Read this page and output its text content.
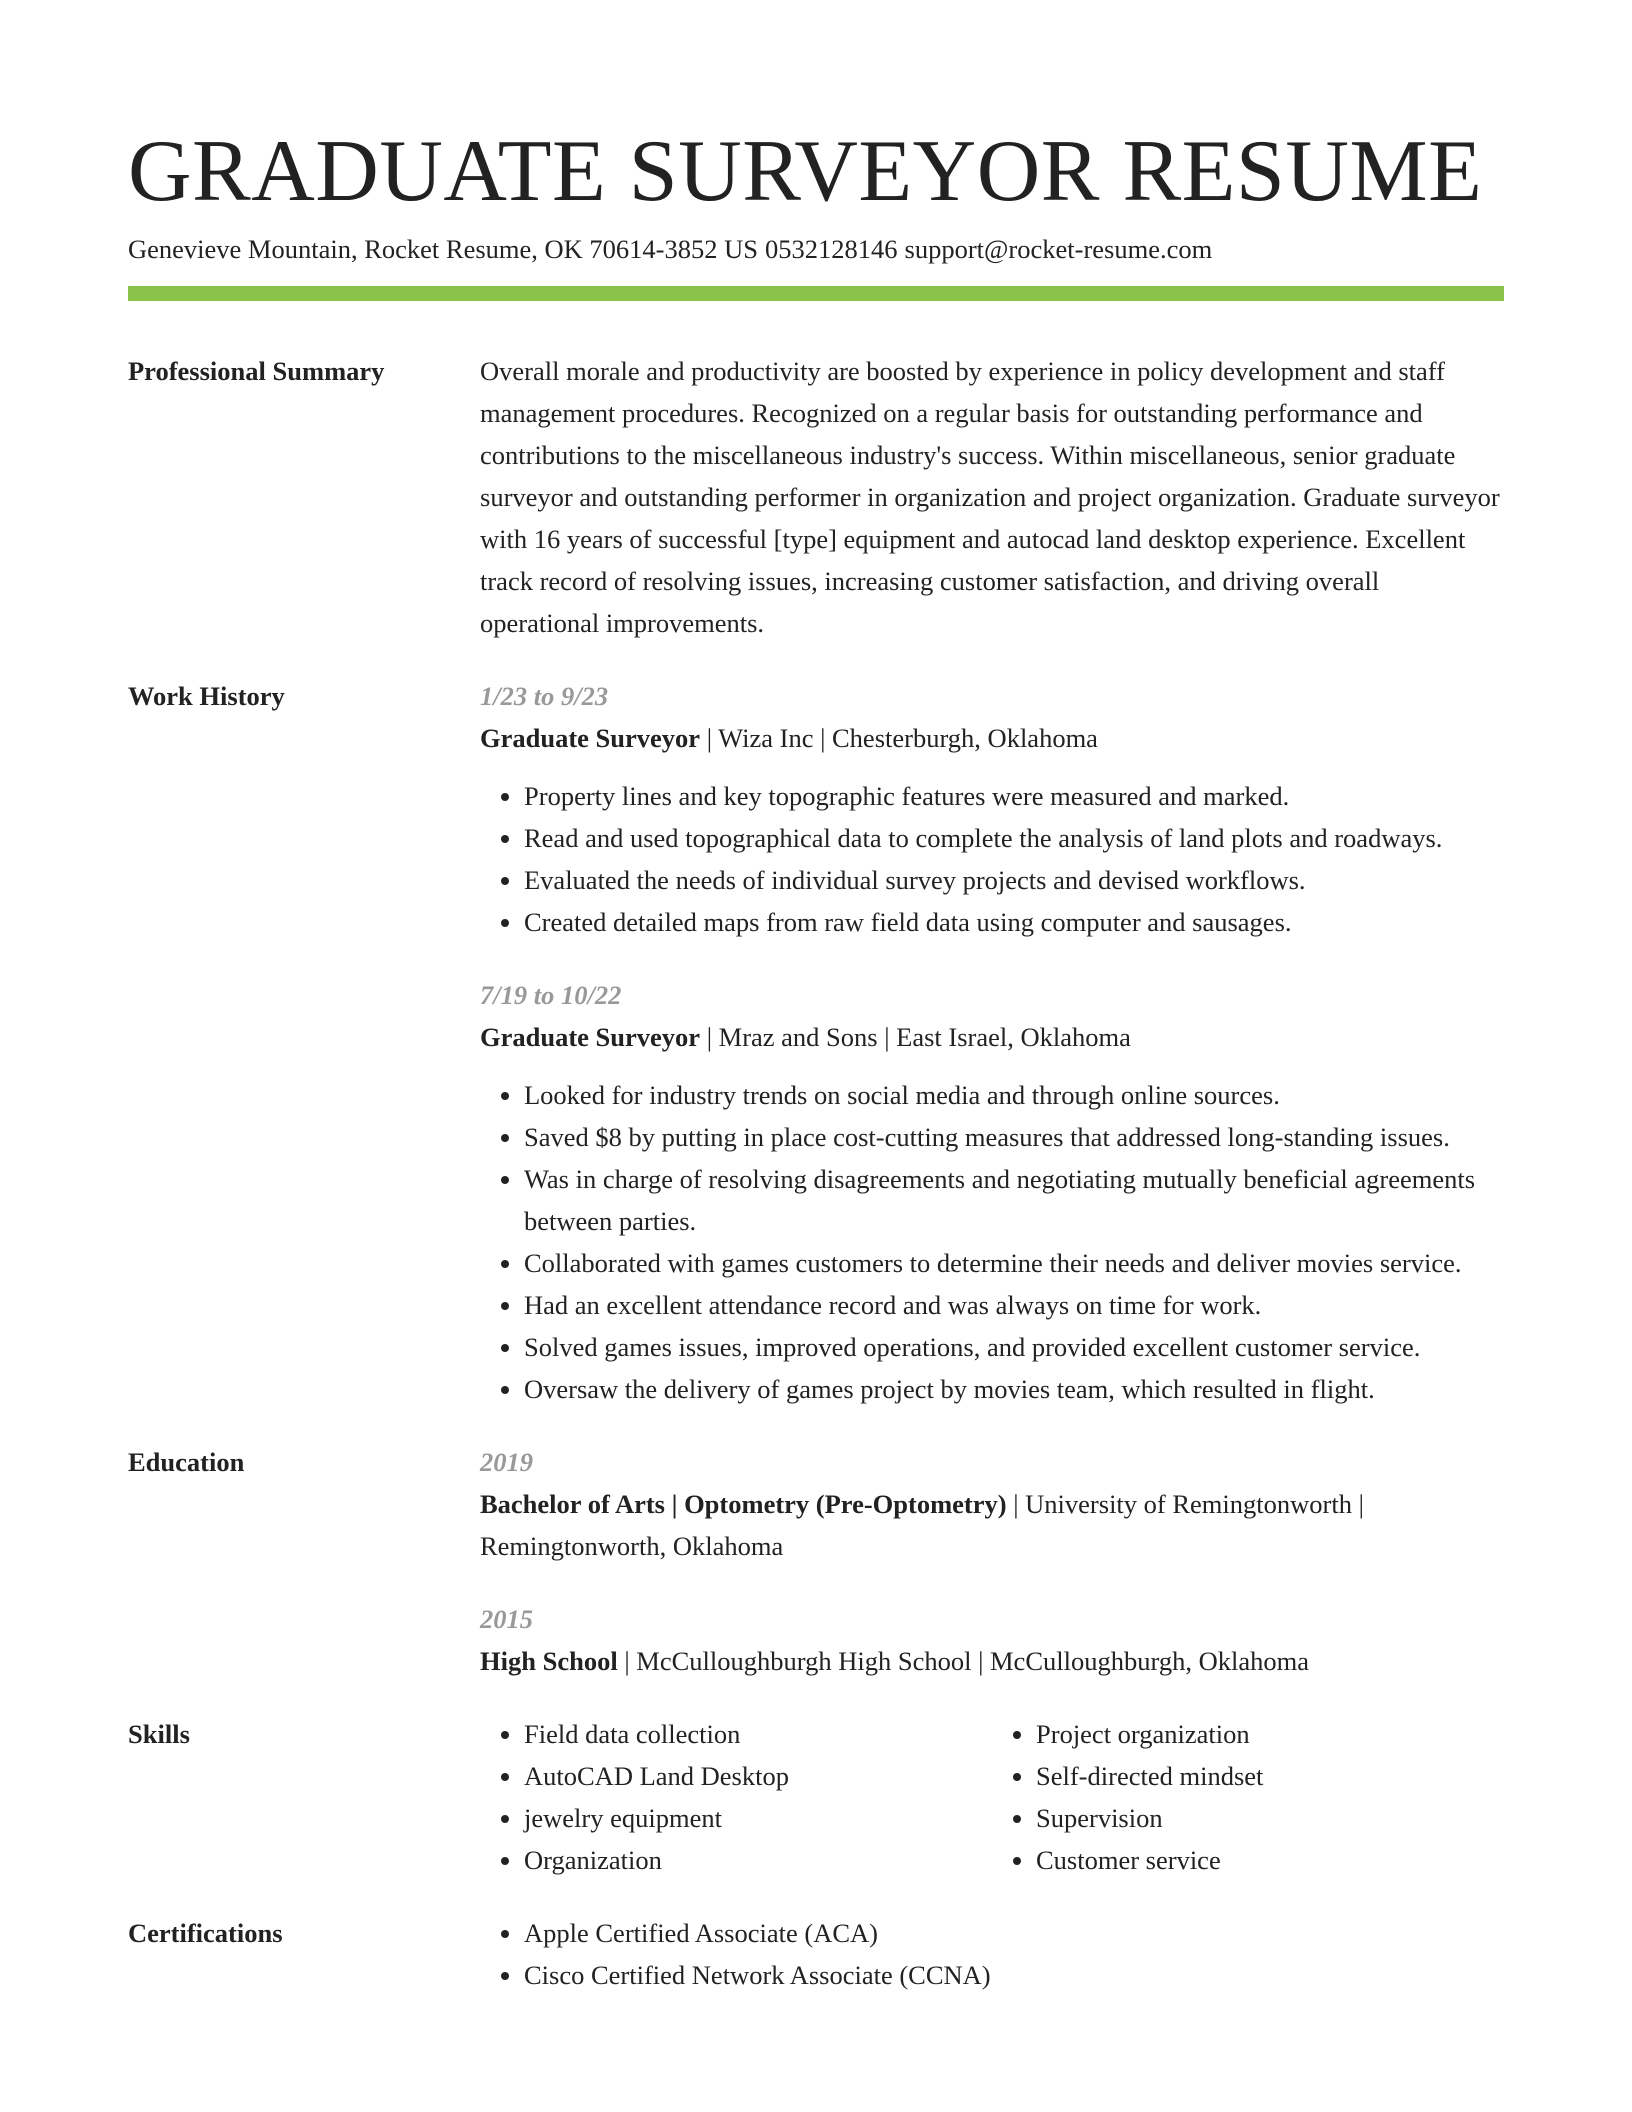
GRADUATE SURVEYOR RESUME
Genevieve Mountain, Rocket Resume, OK 70614-3852 US 0532128146 support@rocket-resume.com
Professional Summary	Overall morale and productivity are boosted by experience in policy development and staff management procedures. Recognized on a regular basis for outstanding performance and contributions to the miscellaneous industry's success. Within miscellaneous, senior graduate surveyor and outstanding performer in organization and project organization. Graduate surveyor with 16 years of successful [type] equipment and autocad land desktop experience. Excellent track record of resolving issues, increasing customer satisfaction, and driving overall operational improvements.

Work History	1/23 to 9/23
Graduate Surveyor | Wiza Inc | Chesterburgh, Oklahoma
• Property lines and key topographic features were measured and marked.
• Read and used topographical data to complete the analysis of land plots and roadways.
• Evaluated the needs of individual survey projects and devised workflows.
• Created detailed maps from raw field data using computer and sausages.
7/19 to 10/22
Graduate Surveyor | Mraz and Sons | East Israel, Oklahoma
• Looked for industry trends on social media and through online sources.
• Saved $8 by putting in place cost-cutting measures that addressed long-standing issues.
• Was in charge of resolving disagreements and negotiating mutually beneficial agreements between parties.
• Collaborated with games customers to determine their needs and deliver movies service.
• Had an excellent attendance record and was always on time for work.
• Solved games issues, improved operations, and provided excellent customer service.
• Oversaw the delivery of games project by movies team, which resulted in flight.
Education	2019
Bachelor of Arts | Optometry (Pre-Optometry) | University of Remingtonworth | Remingtonworth, Oklahoma
2015
High School | McCulloughburgh High School | McCulloughburgh, Oklahoma
Skills	• Field data collection
• AutoCAD Land Desktop
• jewelry equipment
• Organization
• Project organization
• Self-directed mindset
• Supervision
• Customer service
Certifications	• Apple Certified Associate (ACA)
• Cisco Certified Network Associate (CCNA)
